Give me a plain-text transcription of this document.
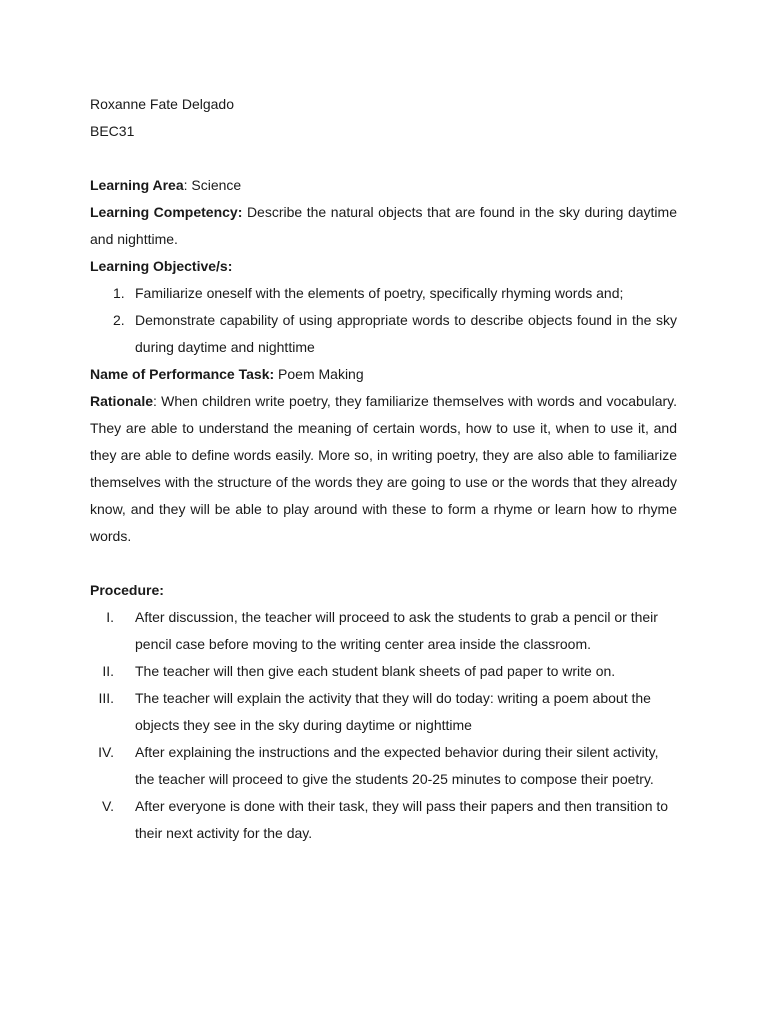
Roxanne Fate Delgado

BEC31

Learning Area: Science

Learning Competency: Describe the natural objects that are found in the sky during daytime and nighttime.

Learning Objective/s:

1. Familiarize oneself with the elements of poetry, specifically rhyming words and;
2. Demonstrate capability of using appropriate words to describe objects found in the sky during daytime and nighttime

Name of Performance Task: Poem Making

Rationale: When children write poetry, they familiarize themselves with words and vocabulary. They are able to understand the meaning of certain words, how to use it, when to use it, and they are able to define words easily. More so, in writing poetry, they are also able to familiarize themselves with the structure of the words they are going to use or the words that they already know, and they will be able to play around with these to form a rhyme or learn how to rhyme words.

Procedure:

I. After discussion, the teacher will proceed to ask the students to grab a pencil or their pencil case before moving to the writing center area inside the classroom.
II. The teacher will then give each student blank sheets of pad paper to write on.
III. The teacher will explain the activity that they will do today: writing a poem about the objects they see in the sky during daytime or nighttime
IV. After explaining the instructions and the expected behavior during their silent activity, the teacher will proceed to give the students 20-25 minutes to compose their poetry.
V. After everyone is done with their task, they will pass their papers and then transition to their next activity for the day.
